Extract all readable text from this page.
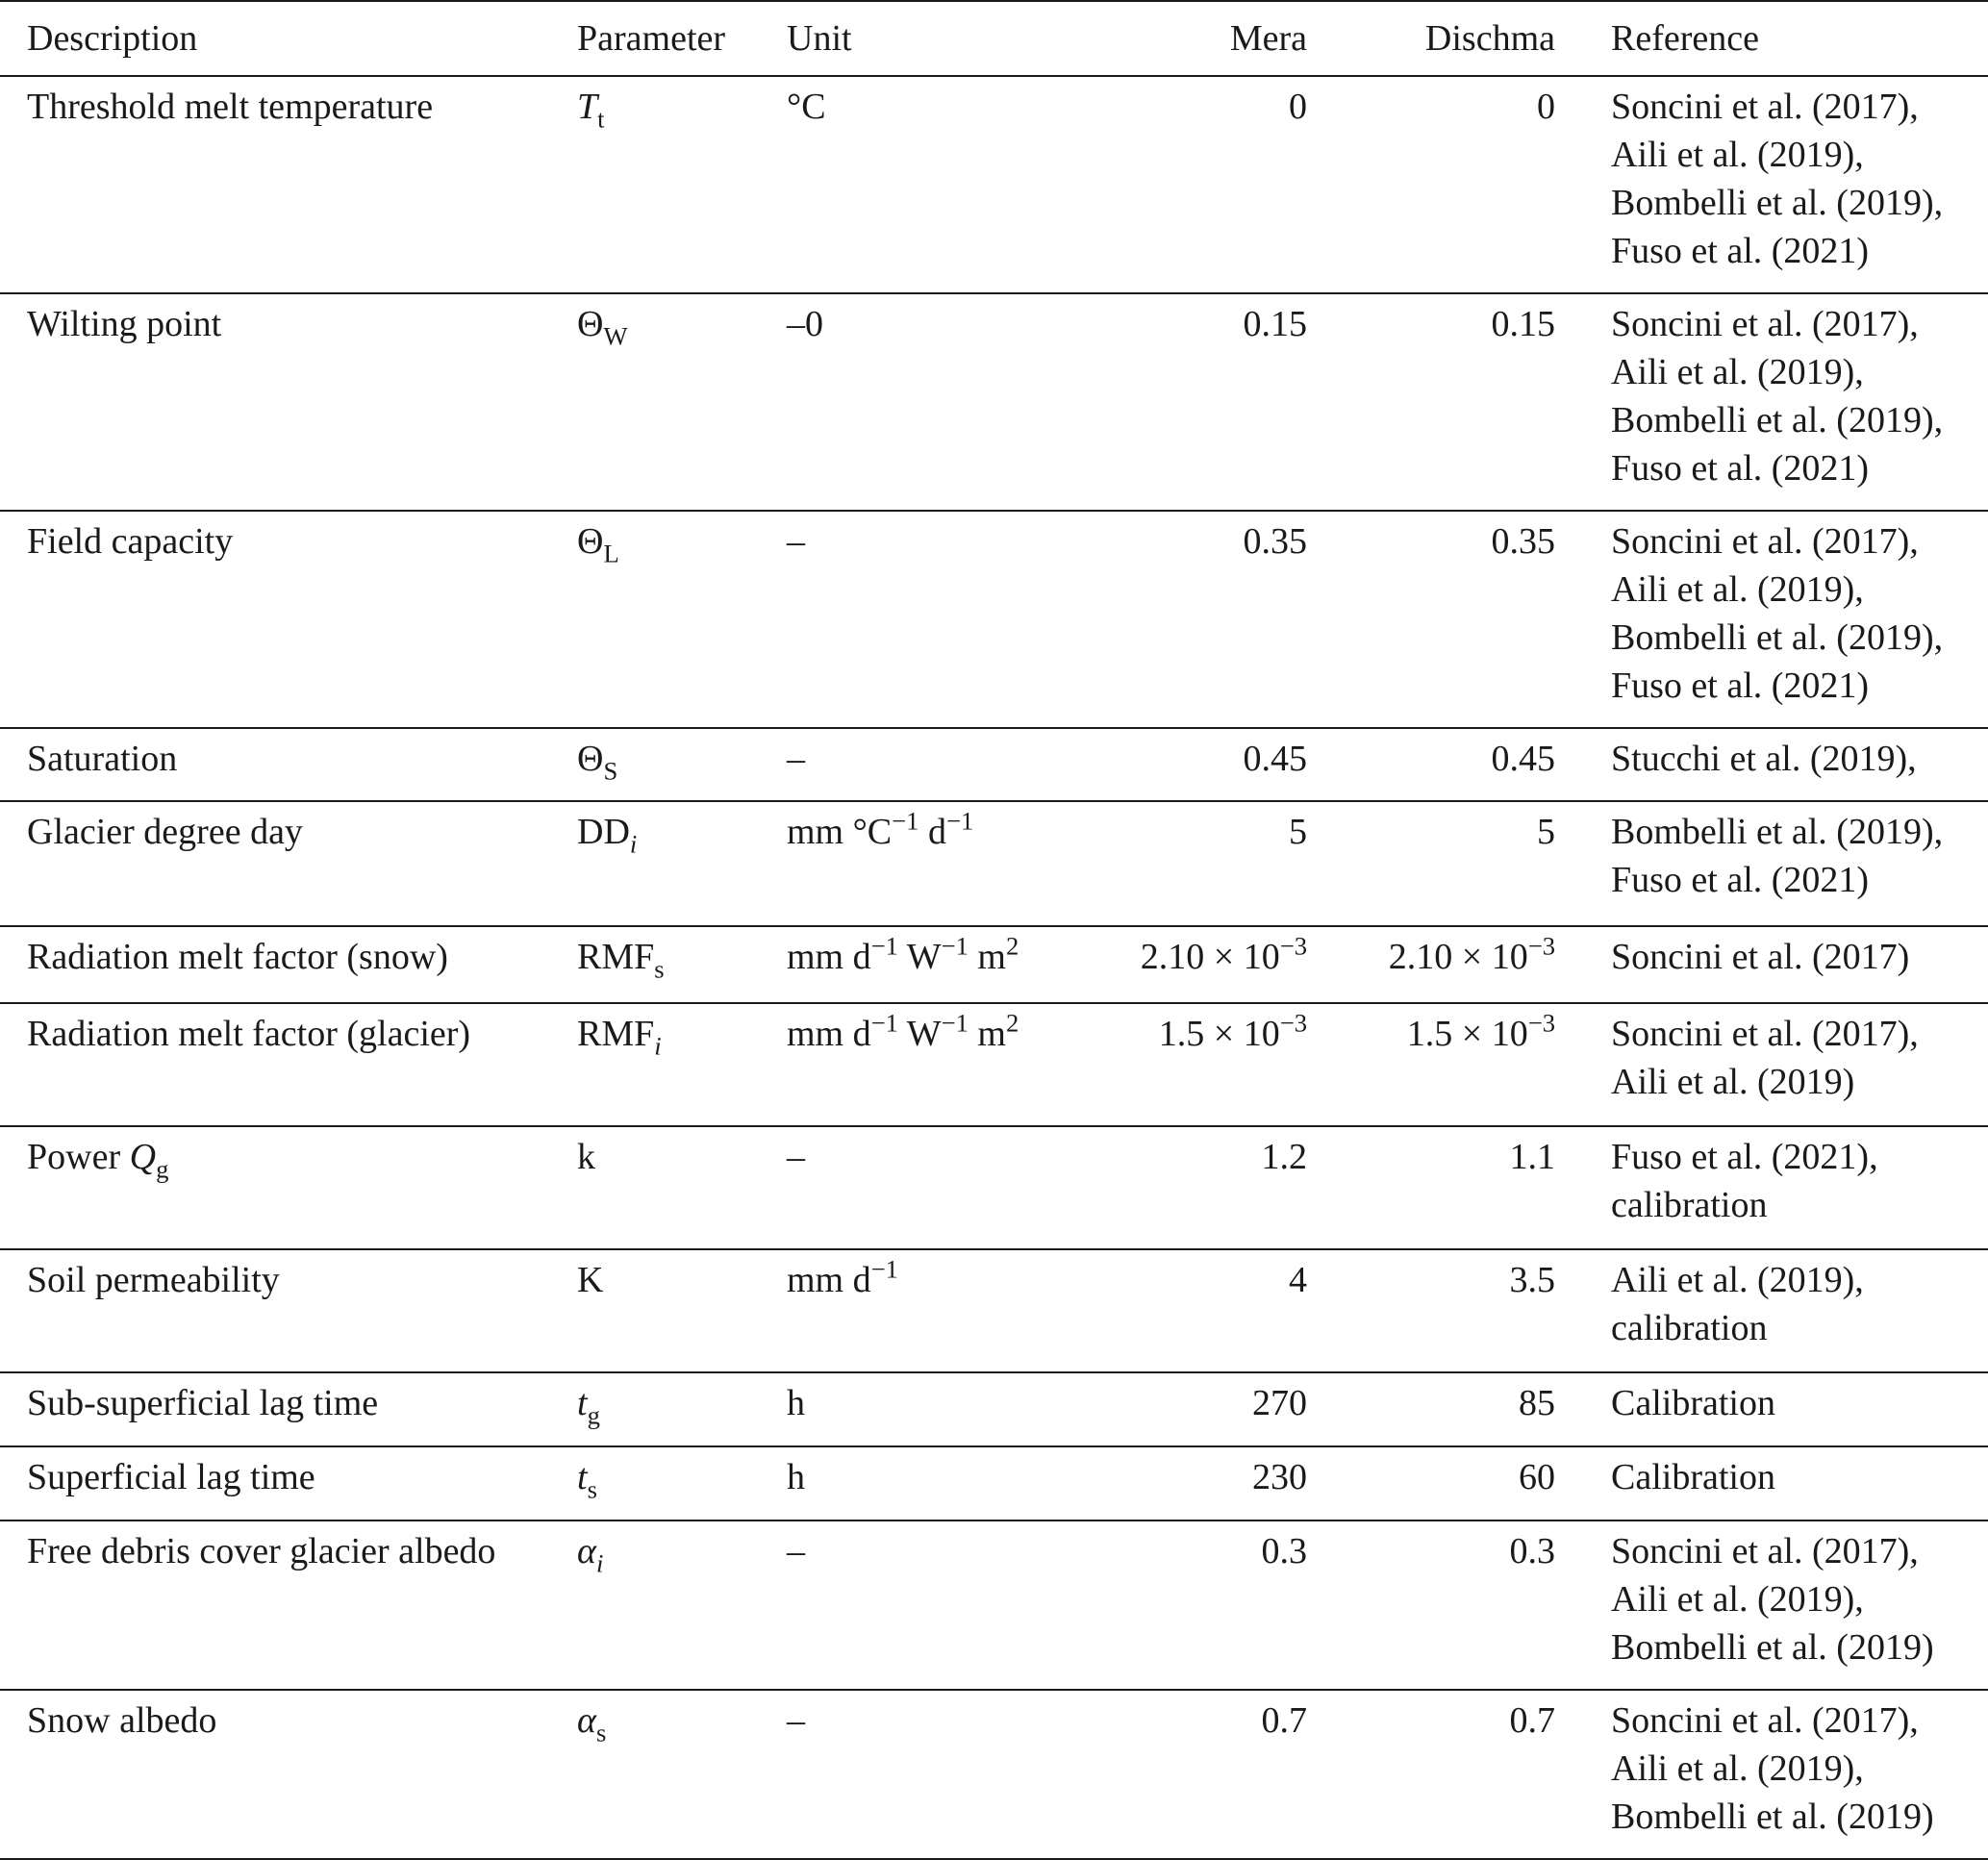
Description	Parameter	Unit	Mera	Dischma	Reference
Threshold melt temperature	$T_t$	°C	0	0	Soncini et al. (2017),
Aili et al. (2019),
Bombelli et al. (2019),
Fuso et al. (2021)

Wilting point	$\Theta_W$	–0	0.15	0.15	Soncini et al. (2017),
Aili et al. (2019),
Bombelli et al. (2019),
Fuso et al. (2021)

Field capacity	$\Theta_L$	–	0.35	0.35	Soncini et al. (2017),
Aili et al. (2019),
Bombelli et al. (2019),
Fuso et al. (2021)

Saturation	$\Theta_S$	–	0.45	0.45	Stucchi et al. (2019),

Glacier degree day	$DD_i$	mm $^\circ C^{-1}$ $d^{-1}$	5	5	Bombelli et al. (2019),
Fuso et al. (2021)

Radiation melt factor (snow)	$RMF_s$	mm $d^{-1}$ $W^{-1}$ $m^2$	$2.10 \times 10^{-3}$	$2.10 \times 10^{-3}$	Soncini et al. (2017)

Radiation melt factor (glacier)	$RMF_i$	mm $d^{-1}$ $W^{-1}$ $m^2$	$1.5 \times 10^{-3}$	$1.5 \times 10^{-3}$	Soncini et al. (2017),
Aili et al. (2019)

Power $Q_g$	k	–	1.2	1.1	Fuso et al. (2021),
calibration

Soil permeability	K	mm $d^{-1}$	4	3.5	Aili et al. (2019),
calibration

Sub-superficial lag time	$t_g$	h	270	85	Calibration

Superficial lag time	$t_s$	h	230	60	Calibration

Free debris cover glacier albedo	$\alpha_i$	–	0.3	0.3	Soncini et al. (2017),
Aili et al. (2019),
Bombelli et al. (2019)

Snow albedo	$\alpha_s$	–	0.7	0.7	Soncini et al. (2017),
Aili et al. (2019),
Bombelli et al. (2019)
